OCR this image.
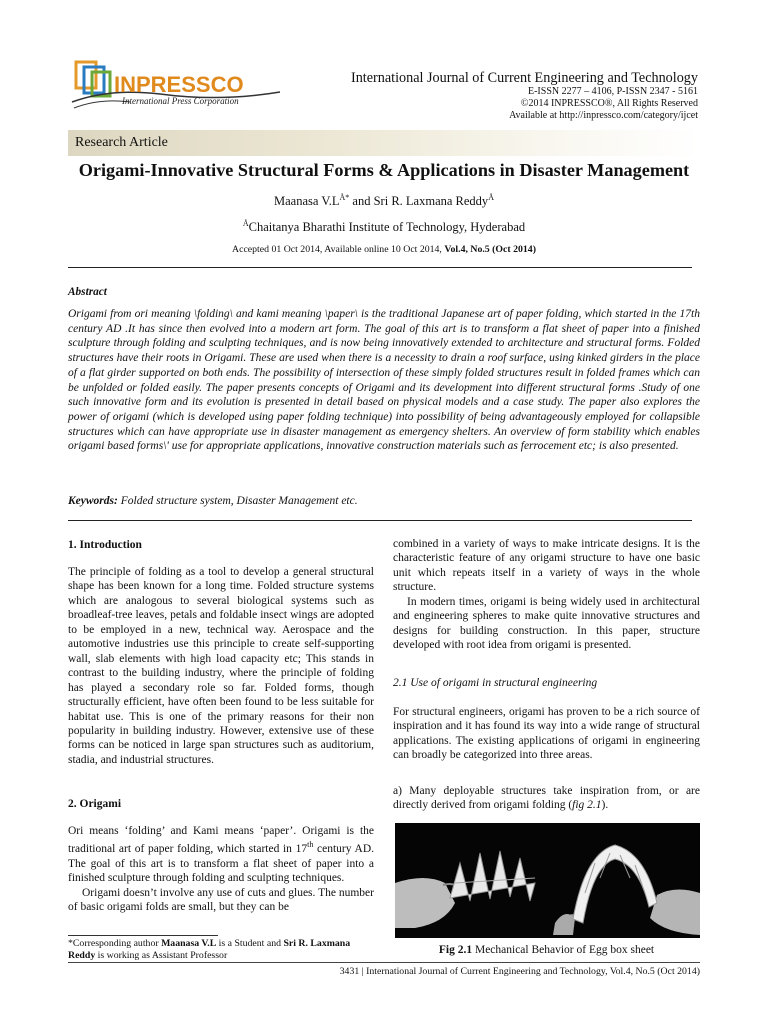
INPRESSCO
International Press Corporation
International Journal of Current Engineering and Technology
E-ISSN 2277 – 4106, P-ISSN 2347 - 5161
©2014 INPRESSCO®, All Rights Reserved
Available at http://inpressco.com/category/ijcet
Research Article
Origami-Innovative Structural Forms & Applications in Disaster Management
Maanasa $V.L^{Å*}$ and Sri R. Laxmana Reddy$^Å$
$^Å$Chaitanya Bharathi Institute of Technology, Hyderabad
Accepted 01 Oct 2014, Available online 10 Oct 2014, Vol.4, No.5 (Oct 2014)
Abstract
Origami from ori meaning \folding\ and kami meaning \paper\ is the traditional Japanese art of paper folding, which started in the 17th century AD .It has since then evolved into a modern art form. The goal of this art is to transform a flat sheet of paper into a finished sculpture through folding and sculpting techniques, and is now being innovatively extended to architecture and structural forms. Folded structures have their roots in Origami. These are used when there is a necessity to drain a roof surface, using kinked girders in the place of a flat girder supported on both ends. The possibility of intersection of these simply folded structures result in folded frames which can be unfolded or folded easily. The paper presents concepts of Origami and its development into different structural forms .Study of one such innovative form and its evolution is presented in detail based on physical models and a case study. The paper also explores the power of origami (which is developed using paper folding technique) into possibility of being advantageously employed for collapsible structures which can have appropriate use in disaster management as emergency shelters. An overview of form stability which enables origami based forms\' use for appropriate applications, innovative construction materials such as ferrocement etc; is also presented.
Keywords: Folded structure system, Disaster Management etc.
1. Introduction

The principle of folding as a tool to develop a general structural shape has been known for a long time. Folded structure systems which are analogous to several biological systems such as broadleaf-tree leaves, petals and foldable insect wings are adopted to be employed in a new, technical way. Aerospace and the automotive industries use this principle to create self-supporting wall, slab elements with high load capacity etc; This stands in contrast to the building industry, where the principle of folding has played a secondary role so far. Folded forms, though structurally efficient, have often been found to be less suitable for habitat use. This is one of the primary reasons for their non popularity in building industry. However, extensive use of these forms can be noticed in large span structures such as auditorium, stadia, and industrial structures.

2. Origami

Ori means ‘folding’ and Kami means ‘paper’. Origami is the traditional art of paper folding, which started in 17th century AD. The goal of this art is to transform a flat sheet of paper into a finished sculpture through folding and sculpting techniques.

Origami doesn’t involve any use of cuts and glues. The number of basic origami folds are small, but they can be

*Corresponding author Maanasa V.L is a Student and Sri R. Laxmana Reddy is working as Assistant Professor

combined in a variety of ways to make intricate designs. It is the characteristic feature of any origami structure to have one basic unit which repeats itself in a variety of ways in the whole structure.

In modern times, origami is being widely used in architectural and engineering spheres to make quite innovative structures and designs for building construction. In this paper, structure developed with root idea from origami is presented.

2.1 Use of origami in structural engineering

For structural engineers, origami has proven to be a rich source of inspiration and it has found its way into a wide range of structural applications. The existing applications of origami in engineering can broadly be categorized into three areas.

a) Many deployable structures take inspiration from, or are directly derived from origami folding (fig 2.1).

Fig 2.1 Mechanical Behavior of Egg box sheet
3431 | International Journal of Current Engineering and Technology, Vol.4, No.5 (Oct 2014)
